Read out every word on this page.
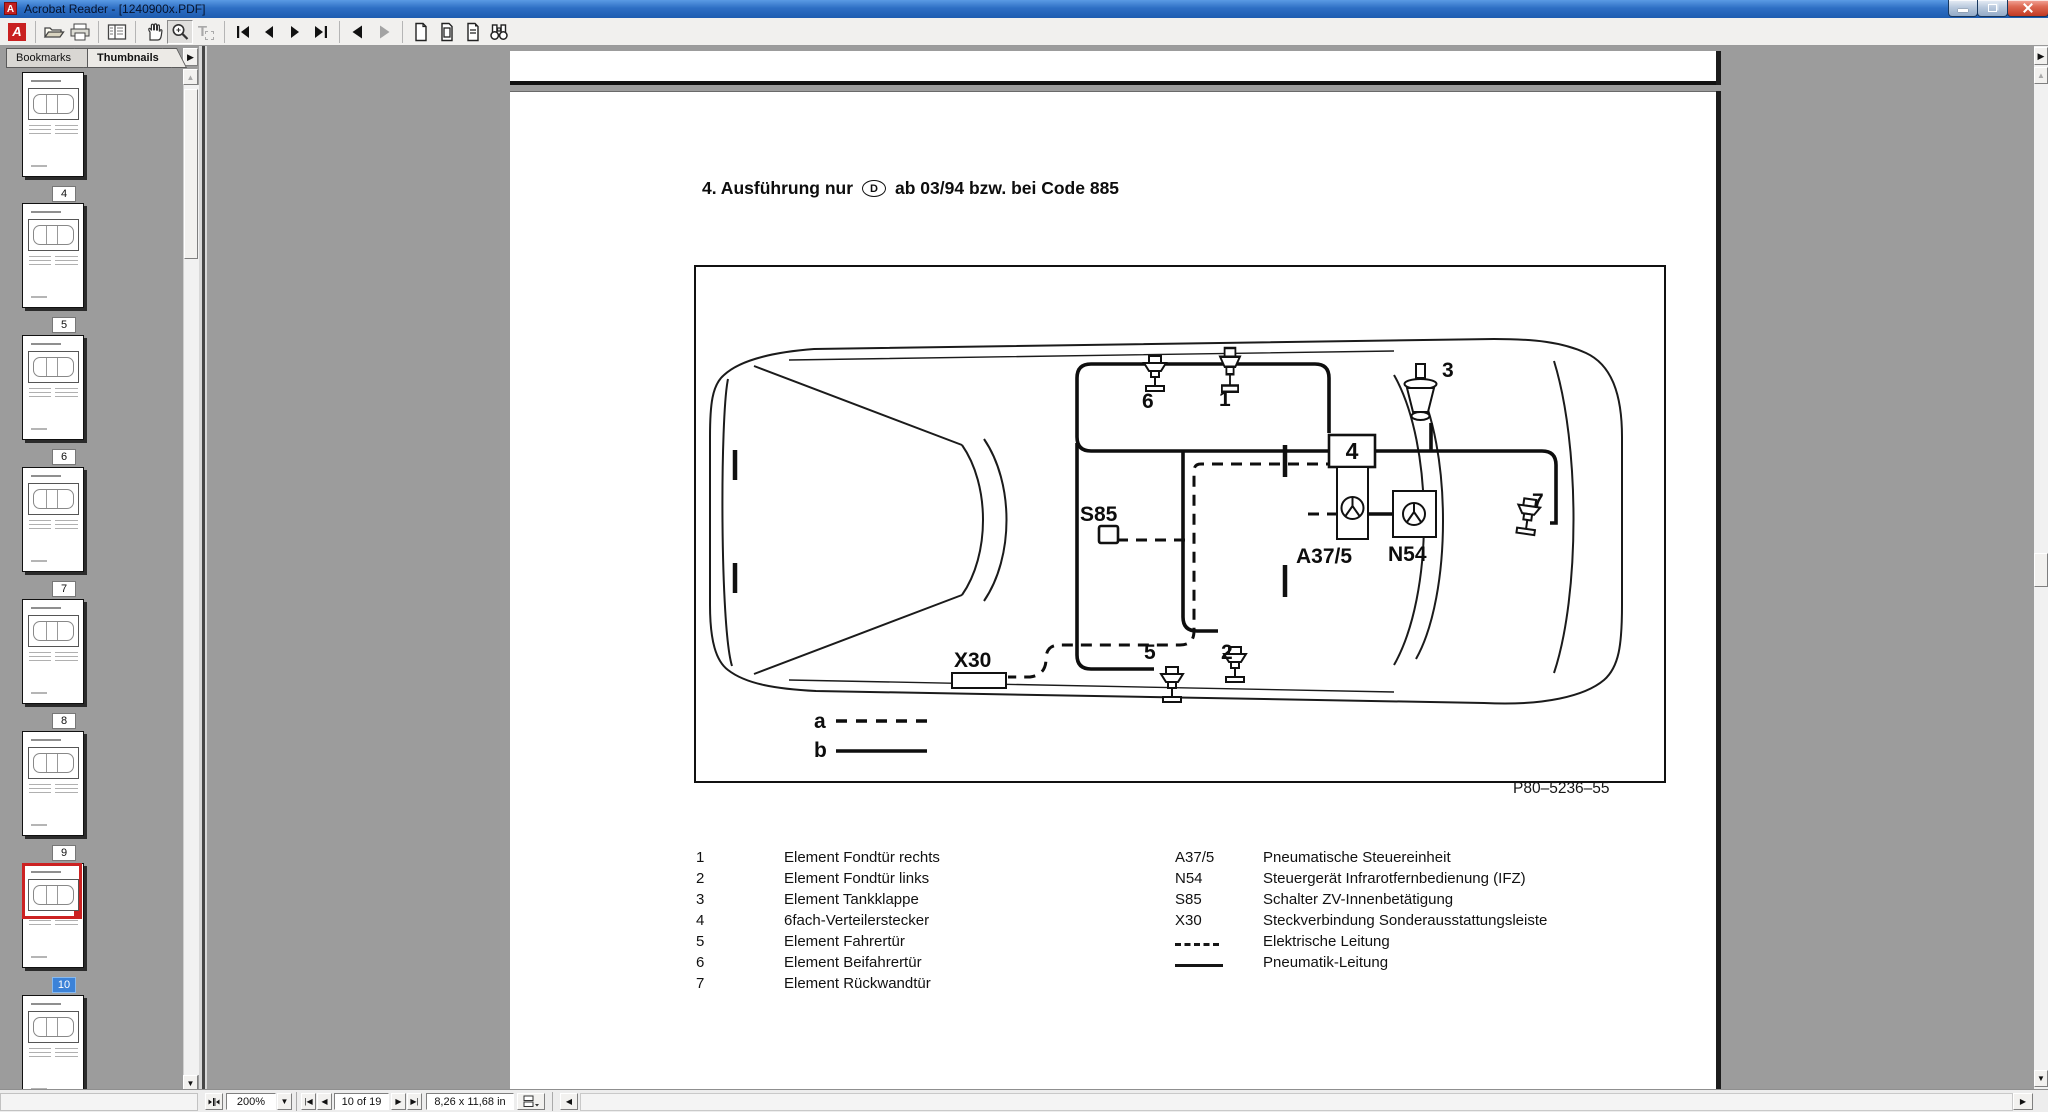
A Acrobat Reader - [1240900x.PDF]
A	T
Bookmarks	Thumbnails	▶
▲
▼
4
5
6
7
8
9
10
4. Ausführung nur	D ab 03/94 bzw. bei Code 885
4
6	1
3
S85
A37/5 N54
7
X30	5	2
a
b
P80–5236–55
1	Element Fondtür rechts
2	Element Fondtür links
3	Element Tankklappe
4	6fach-Verteilerstecker
5	Element Fahrertür
6	Element Beifahrertür
7	Element Rückwandtür
A37/5	Pneumatische Steuereinheit
N54	Steuergerät Infrarotfernbedienung (IFZ)
S85	Schalter ZV-Innenbetätigung
X30	Steckverbindung Sonderausstattungsleiste
Elektrische Leitung
Pneumatik-Leitung
▶
▲
▼
200%	▼	|◀	◀	10 of 19	▶	▶|	8,26 x 11,68 in	◀	▶
